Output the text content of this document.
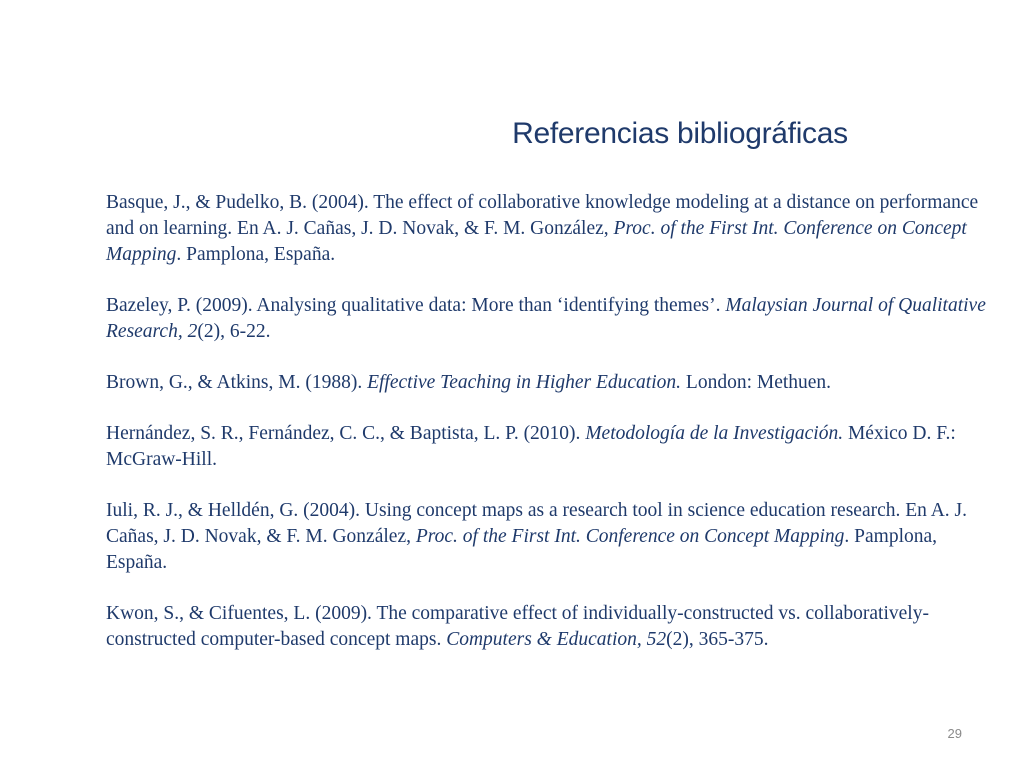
Referencias bibliográficas

Basque, J., & Pudelko, B. (2004). The effect of collaborative knowledge modeling at a distance on performance and on learning. En A. J. Cañas, J. D. Novak, & F. M. González, Proc. of the First Int. Conference on Concept Mapping. Pamplona, España.

Bazeley, P. (2009). Analysing qualitative data: More than ‘identifying themes’. Malaysian Journal of Qualitative Research, 2(2), 6-22.

Brown, G., & Atkins, M. (1988). Effective Teaching in Higher Education. London: Methuen.

Hernández, S. R., Fernández, C. C., & Baptista, L. P. (2010). Metodología de la Investigación. México D. F.: McGraw-Hill.

Iuli, R. J., & Helldén, G. (2004). Using concept maps as a research tool in science education research. En A. J. Cañas, J. D. Novak, & F. M. González, Proc. of the First Int. Conference on Concept Mapping. Pamplona, España.

Kwon, S., & Cifuentes, L. (2009). The comparative effect of individually-constructed vs. collaboratively-constructed computer-based concept maps. Computers & Education, 52(2), 365-375.

29
